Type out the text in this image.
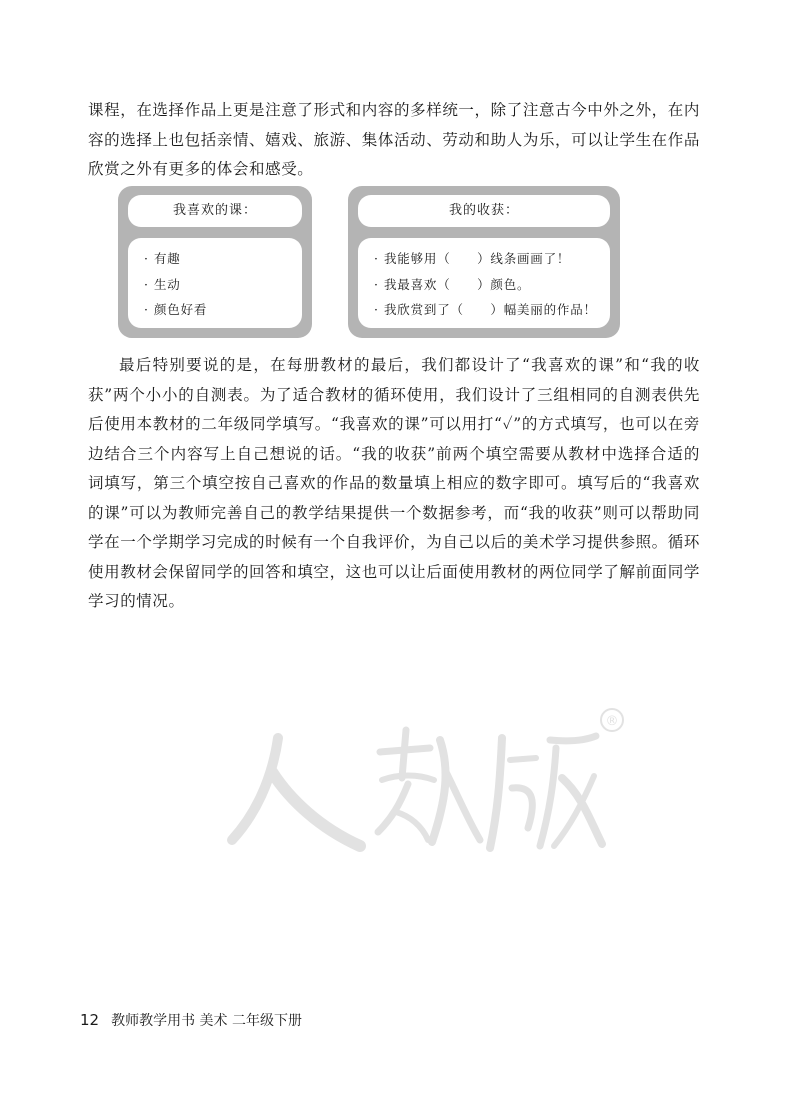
课程，在选择作品上更是注意了形式和内容的多样统一，除了注意古今中外之外，在内容的选择上也包括亲情、嬉戏、旅游、集体活动、劳动和助人为乐，可以让学生在作品欣赏之外有更多的体会和感受。

我喜欢的课：
· 有趣
· 生动
· 颜色好看
我的收获：
· 我能够用（　　）线条画画了！
· 我最喜欢（　　）颜色。
· 我欣赏到了（　　）幅美丽的作品！

最后特别要说的是，在每册教材的最后，我们都设计了“我喜欢的课”和“我的收获”两个小小的自测表。为了适合教材的循环使用，我们设计了三组相同的自测表供先后使用本教材的二年级同学填写。“我喜欢的课”可以用打“✓”的方式填写，也可以在旁边结合三个内容写上自己想说的话。“我的收获”前两个填空需要从教材中选择合适的词填写，第三个填空按自己喜欢的作品的数量填上相应的数字即可。填写后的“我喜欢的课”可以为教师完善自己的教学结果提供一个数据参考，而“我的收获”则可以帮助同学在一个学期学习完成的时候有一个自我评价，为自己以后的美术学习提供参照。循环使用教材会保留同学的回答和填空，这也可以让后面使用教材的两位同学了解前面同学学习的情况。

®
12 教师教学用书 美术 二年级下册
